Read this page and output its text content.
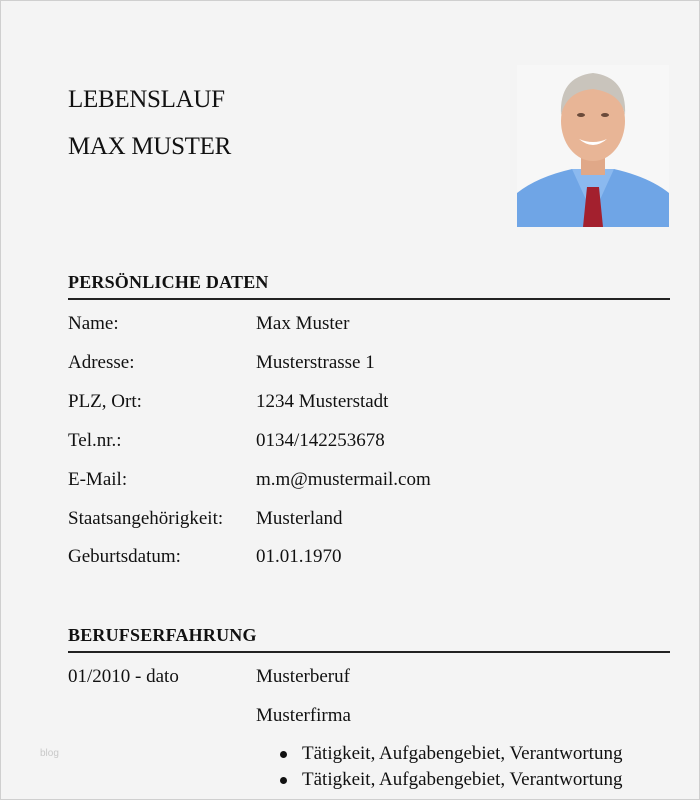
LEBENSLAUF
MAX MUSTER
PERSÖNLICHE DATEN
Name:	Max Muster
Adresse:	Musterstrasse 1
PLZ, Ort:	1234 Musterstadt
Tel.nr.:	0134/142253678
E-Mail:	m.m@mustermail.com
Staatsangehörigkeit: Musterland
Geburtsdatum:	01.01.1970
BERUFSERFAHRUNG
01/2010 - dato	Musterberuf
Musterfirma
Tätigkeit, Aufgabengebiet, Verantwortung
Tätigkeit, Aufgabengebiet, Verantwortung
blog
